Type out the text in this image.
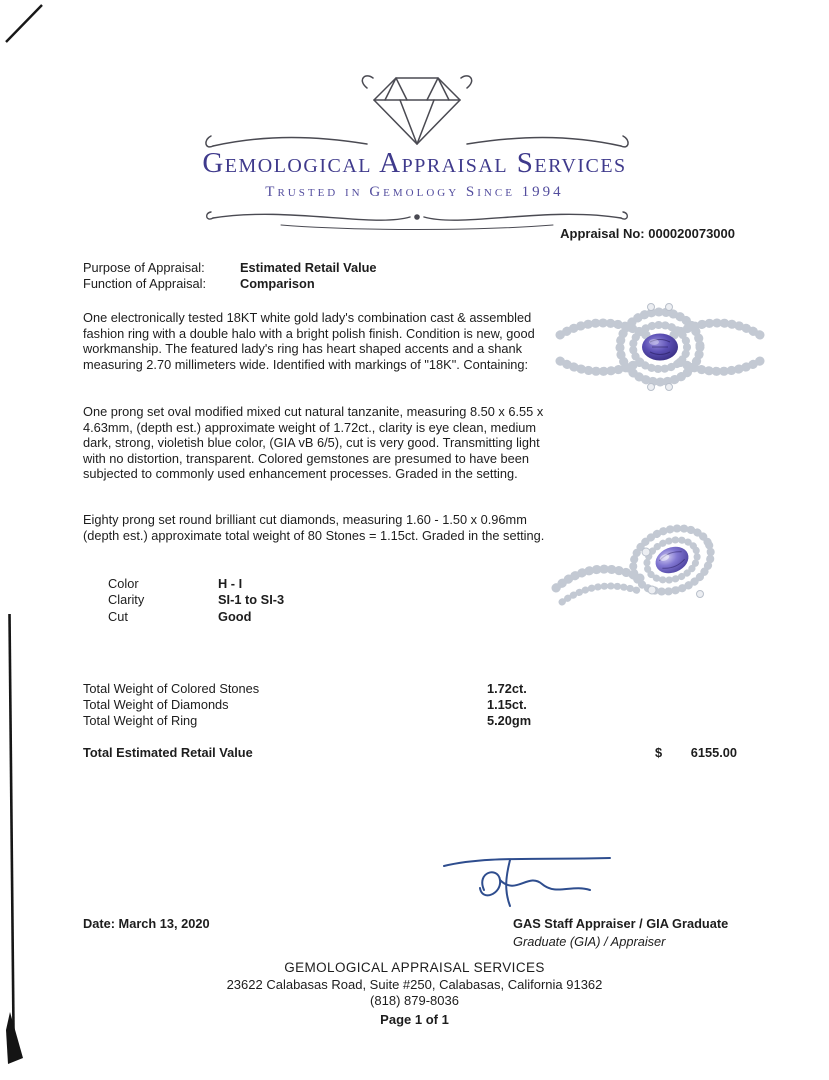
Gemological Appraisal Services
Trusted in Gemology Since 1994
Appraisal No: 000020073000
Purpose of Appraisal:	Estimated Retail Value
Function of Appraisal:	Comparison

One electronically tested 18KT white gold lady's combination cast & assembled fashion ring with a double halo with a bright polish finish. Condition is new, good workmanship. The featured lady's ring has heart shaped accents and a shank measuring 2.70 millimeters wide. Identified with markings of "18K". Containing:

One prong set oval modified mixed cut natural tanzanite, measuring 8.50 x 6.55 x 4.63mm, (depth est.) approximate weight of 1.72ct., clarity is eye clean, medium dark, strong, violetish blue color, (GIA vB 6/5), cut is very good. Transmitting light with no distortion, transparent. Colored gemstones are presumed to have been subjected to commonly used enhancement processes. Graded in the setting.

Eighty prong set round brilliant cut diamonds, measuring 1.60 - 1.50 x 0.96mm (depth est.) approximate total weight of 80 Stones = 1.15ct. Graded in the setting.

Color	H - I
Clarity	SI-1 to SI-3
Cut	Good
Total Weight of Colored Stones	1.72ct.
Total Weight of Diamonds	1.15ct.
Total Weight of Ring	5.20gm
Total Estimated Retail Value	$ 6155.00
Date: March 13, 2020	GAS Staff Appraiser / GIA Graduate
Graduate (GIA) / Appraiser
GEMOLOGICAL APPRAISAL SERVICES
23622 Calabasas Road, Suite #250, Calabasas, California 91362
(818) 879-8036
Page 1 of 1
